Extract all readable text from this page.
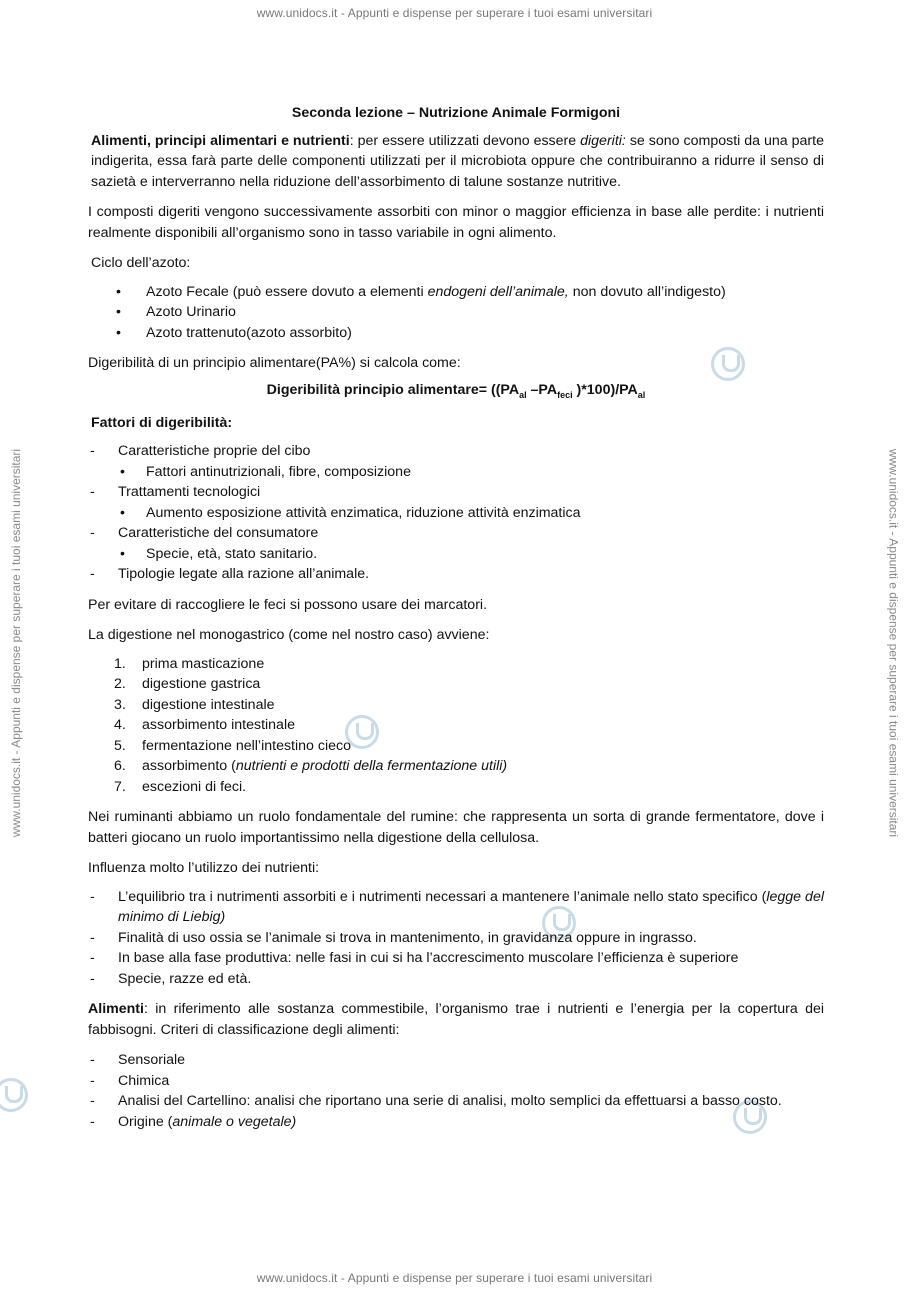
www.unidocs.it - Appunti e dispense per superare i tuoi esami universitari
www.unidocs.it - Appunti e dispense per superare i tuoi esami universitari
www.unidocs.it - Appunti e dispense per superare i tuoi esami universitari	www.unidocs.it - Appunti e dispense per superare i tuoi esami universitari
Seconda lezione – Nutrizione Animale Formigoni

Alimenti, principi alimentari e nutrienti: per essere utilizzati devono essere digeriti: se sono composti da una parte indigerita, essa farà parte delle componenti utilizzati per il microbiota oppure che contribuiranno a ridurre il senso di sazietà e interverranno nella riduzione dell’assorbimento di talune sostanze nutritive.

I composti digeriti vengono successivamente assorbiti con minor o maggior efficienza in base alle perdite: i nutrienti realmente disponibili all’organismo sono in tasso variabile in ogni alimento.

Ciclo dell’azoto:

• Azoto Fecale (può essere dovuto a elementi endogeni dell’animale, non dovuto all’indigesto)
• Azoto Urinario
• Azoto trattenuto(azoto assorbito)

Digeribilità di un principio alimentare(PA%) si calcola come:

Digeribilità principio alimentare= (($PA_{al}$ $-PA_{feci}$ )$*100)/PA_{al}$

Fattori di digeribilità:

- Caratteristiche proprie del cibo
• Fattori antinutrizionali, fibre, composizione
- Trattamenti tecnologici
• Aumento esposizione attività enzimatica, riduzione attività enzimatica
- Caratteristiche del consumatore
• Specie, età, stato sanitario.
- Tipologie legate alla razione all’animale.

Per evitare di raccogliere le feci si possono usare dei marcatori.

La digestione nel monogastrico (come nel nostro caso) avviene:

1. prima masticazione
2. digestione gastrica
3. digestione intestinale
4. assorbimento intestinale
5. fermentazione nell’intestino cieco
6. assorbimento (nutrienti e prodotti della fermentazione utili)
7. escezioni di feci.

Nei ruminanti abbiamo un ruolo fondamentale del rumine: che rappresenta un sorta di grande fermentatore, dove i batteri giocano un ruolo importantissimo nella digestione della cellulosa.

Influenza molto l’utilizzo dei nutrienti:

- L’equilibrio tra i nutrimenti assorbiti e i nutrimenti necessari a mantenere l’animale nello stato specifico (legge del minimo di Liebig)
- Finalità di uso ossia se l’animale si trova in mantenimento, in gravidanza oppure in ingrasso.
- In base alla fase produttiva: nelle fasi in cui si ha l’accrescimento muscolare l’efficienza è superiore
- Specie, razze ed età.

Alimenti: in riferimento alle sostanza commestibile, l’organismo trae i nutrienti e l’energia per la copertura dei fabbisogni. Criteri di classificazione degli alimenti:

- Sensoriale
- Chimica
- Analisi del Cartellino: analisi che riportano una serie di analisi, molto semplici da effettuarsi a basso costo.
- Origine (animale o vegetale)
